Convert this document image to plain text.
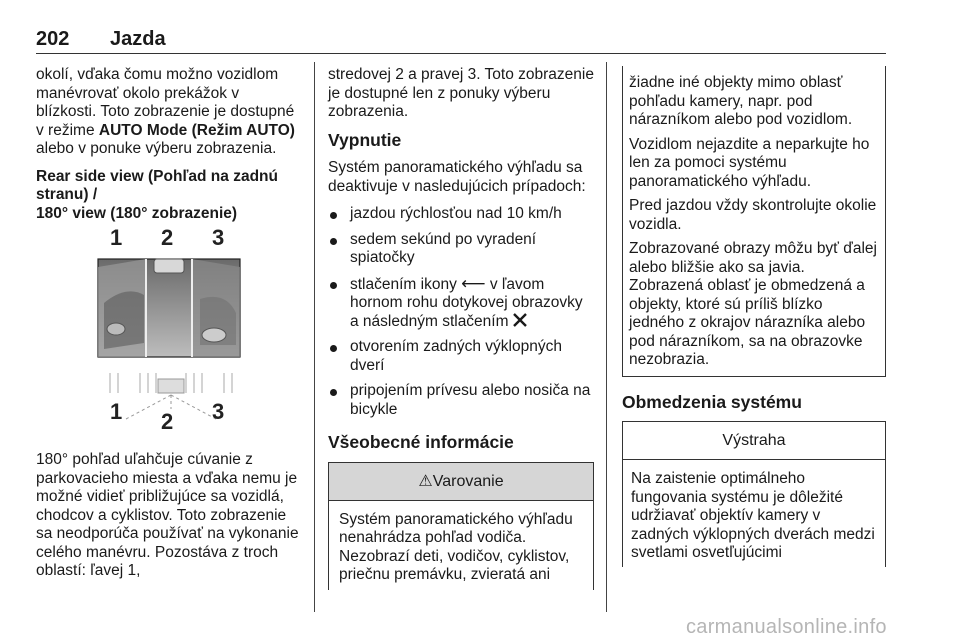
202 Jazda

okolí, vďaka čomu možno vozidlom manévrovať okolo prekážok v blízkosti. Toto zobrazenie je dostupné v režime AUTO Mode (Režim AUTO) alebo v ponuke výberu zobrazenia.

Rear side view (Pohľad na zadnú stranu) /
180° view (180° zobrazenie)
1 2 3
1 2 3

180° pohľad uľahčuje cúvanie z parkovacieho miesta a vďaka nemu je možné vidieť približujúce sa vozidlá, chodcov a cyklistov. Toto zobrazenie sa neodporúča používať na vykonanie celého manévru. Pozostáva z troch oblastí: ľavej 1,

stredovej 2 a pravej 3. Toto zobrazenie je dostupné len z ponuky výberu zobrazenia.

Vypnutie

Systém panoramatického výhľadu sa deaktivuje v nasledujúcich prípadoch:

jazdou rýchlosťou nad 10 km/h
sedem sekúnd po vyradení spiatočky
stlačením ikony ⟵ v ľavom hornom rohu dotykovej obrazovky a následným stlačením
otvorením zadných výklopných dverí
pripojením prívesu alebo nosiča na bicykle
Všeobecné informácie
⚠Varovanie
Systém panoramatického výhľadu nenahrádza pohľad vodiča. Nezobrazí deti, vodičov, cyklistov, priečnu premávku, zvieratá ani

žiadne iné objekty mimo oblasť pohľadu kamery, napr. pod nárazníkom alebo pod vozidlom.

Vozidlom nejazdite a neparkujte ho len za pomoci systému panoramatického výhľadu.

Pred jazdou vždy skontrolujte okolie vozidla.

Zobrazované obrazy môžu byť ďalej alebo bližšie ako sa javia. Zobrazená oblasť je obmedzená a objekty, ktoré sú príliš blízko jedného z okrajov nárazníka alebo pod nárazníkom, sa na obrazovke nezobrazia.

Obmedzenia systému
Výstraha
Na zaistenie optimálneho fungovania systému je dôležité udržiavať objektív kamery v zadných výklopných dverách medzi svetlami osvetľujúcimi
carmanualsonline.info
